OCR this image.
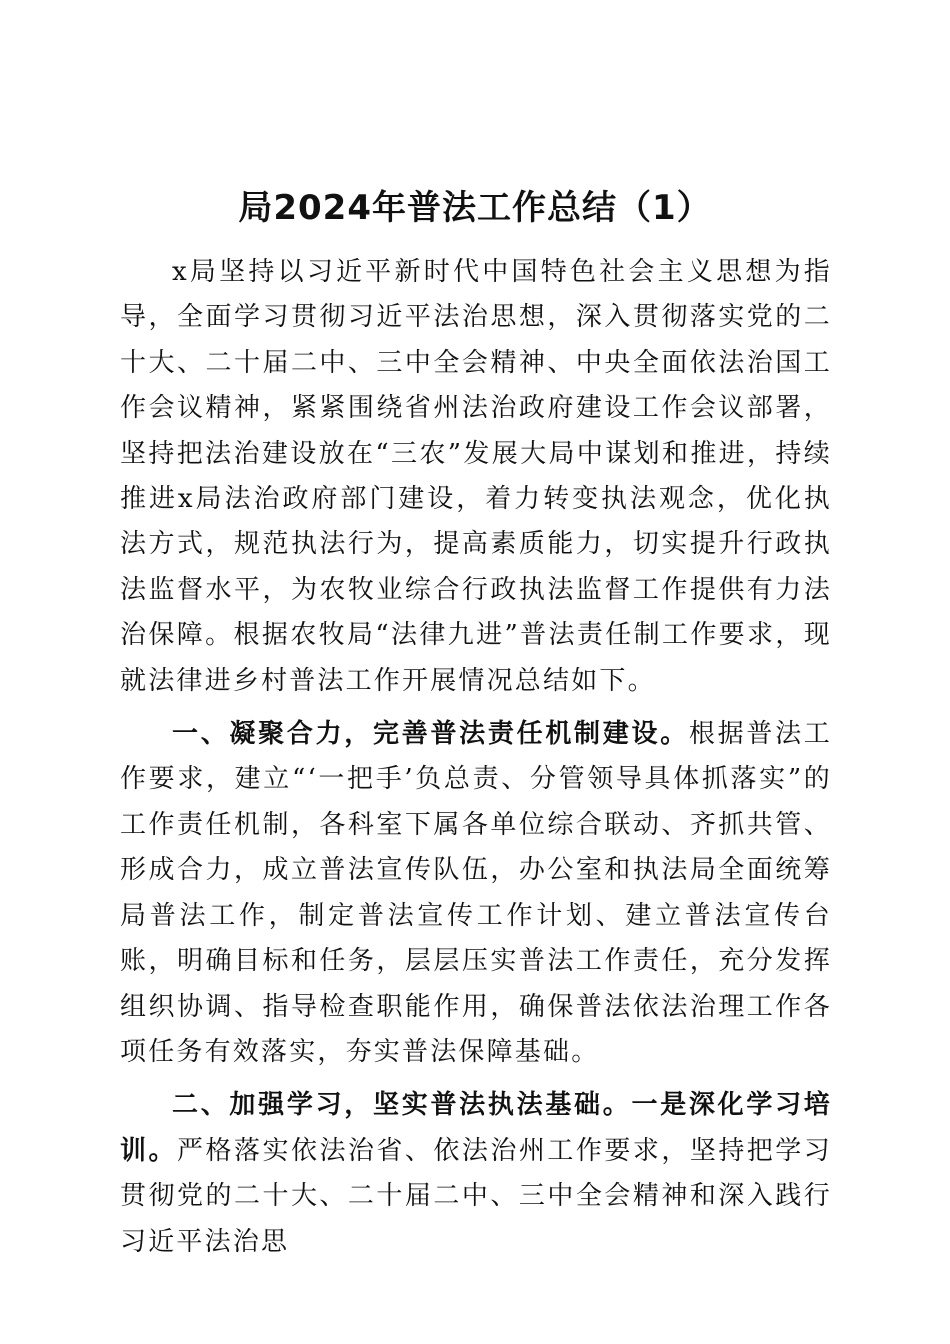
局2024年普法工作总结（1）

x局坚持以习近平新时代中国特色社会主义思想为指导，全面学习贯彻习近平法治思想，深入贯彻落实党的二十大、二十届二中、三中全会精神、中央全面依法治国工作会议精神，紧紧围绕省州法治政府建设工作会议部署，坚持把法治建设放在“三农”发展大局中谋划和推进，持续推进x局法治政府部门建设，着力转变执法观念，优化执法方式，规范执法行为，提高素质能力，切实提升行政执法监督水平，为农牧业综合行政执法监督工作提供有力法治保障。根据农牧局“法律九进”普法责任制工作要求，现就法律进乡村普法工作开展情况总结如下。

一、凝聚合力，完善普法责任机制建设。根据普法工作要求，建立“‘一把手’负总责、分管领导具体抓落实”的工作责任机制，各科室下属各单位综合联动、齐抓共管、形成合力，成立普法宣传队伍，办公室和执法局全面统筹局普法工作，制定普法宣传工作计划、建立普法宣传台账，明确目标和任务，层层压实普法工作责任，充分发挥组织协调、指导检查职能作用，确保普法依法治理工作各项任务有效落实，夯实普法保障基础。

二、加强学习，坚实普法执法基础。一是深化学习培训。严格落实依法治省、依法治州工作要求，坚持把学习贯彻党的二十大、二十届二中、三中全会精神和深入践行习近平法治思
